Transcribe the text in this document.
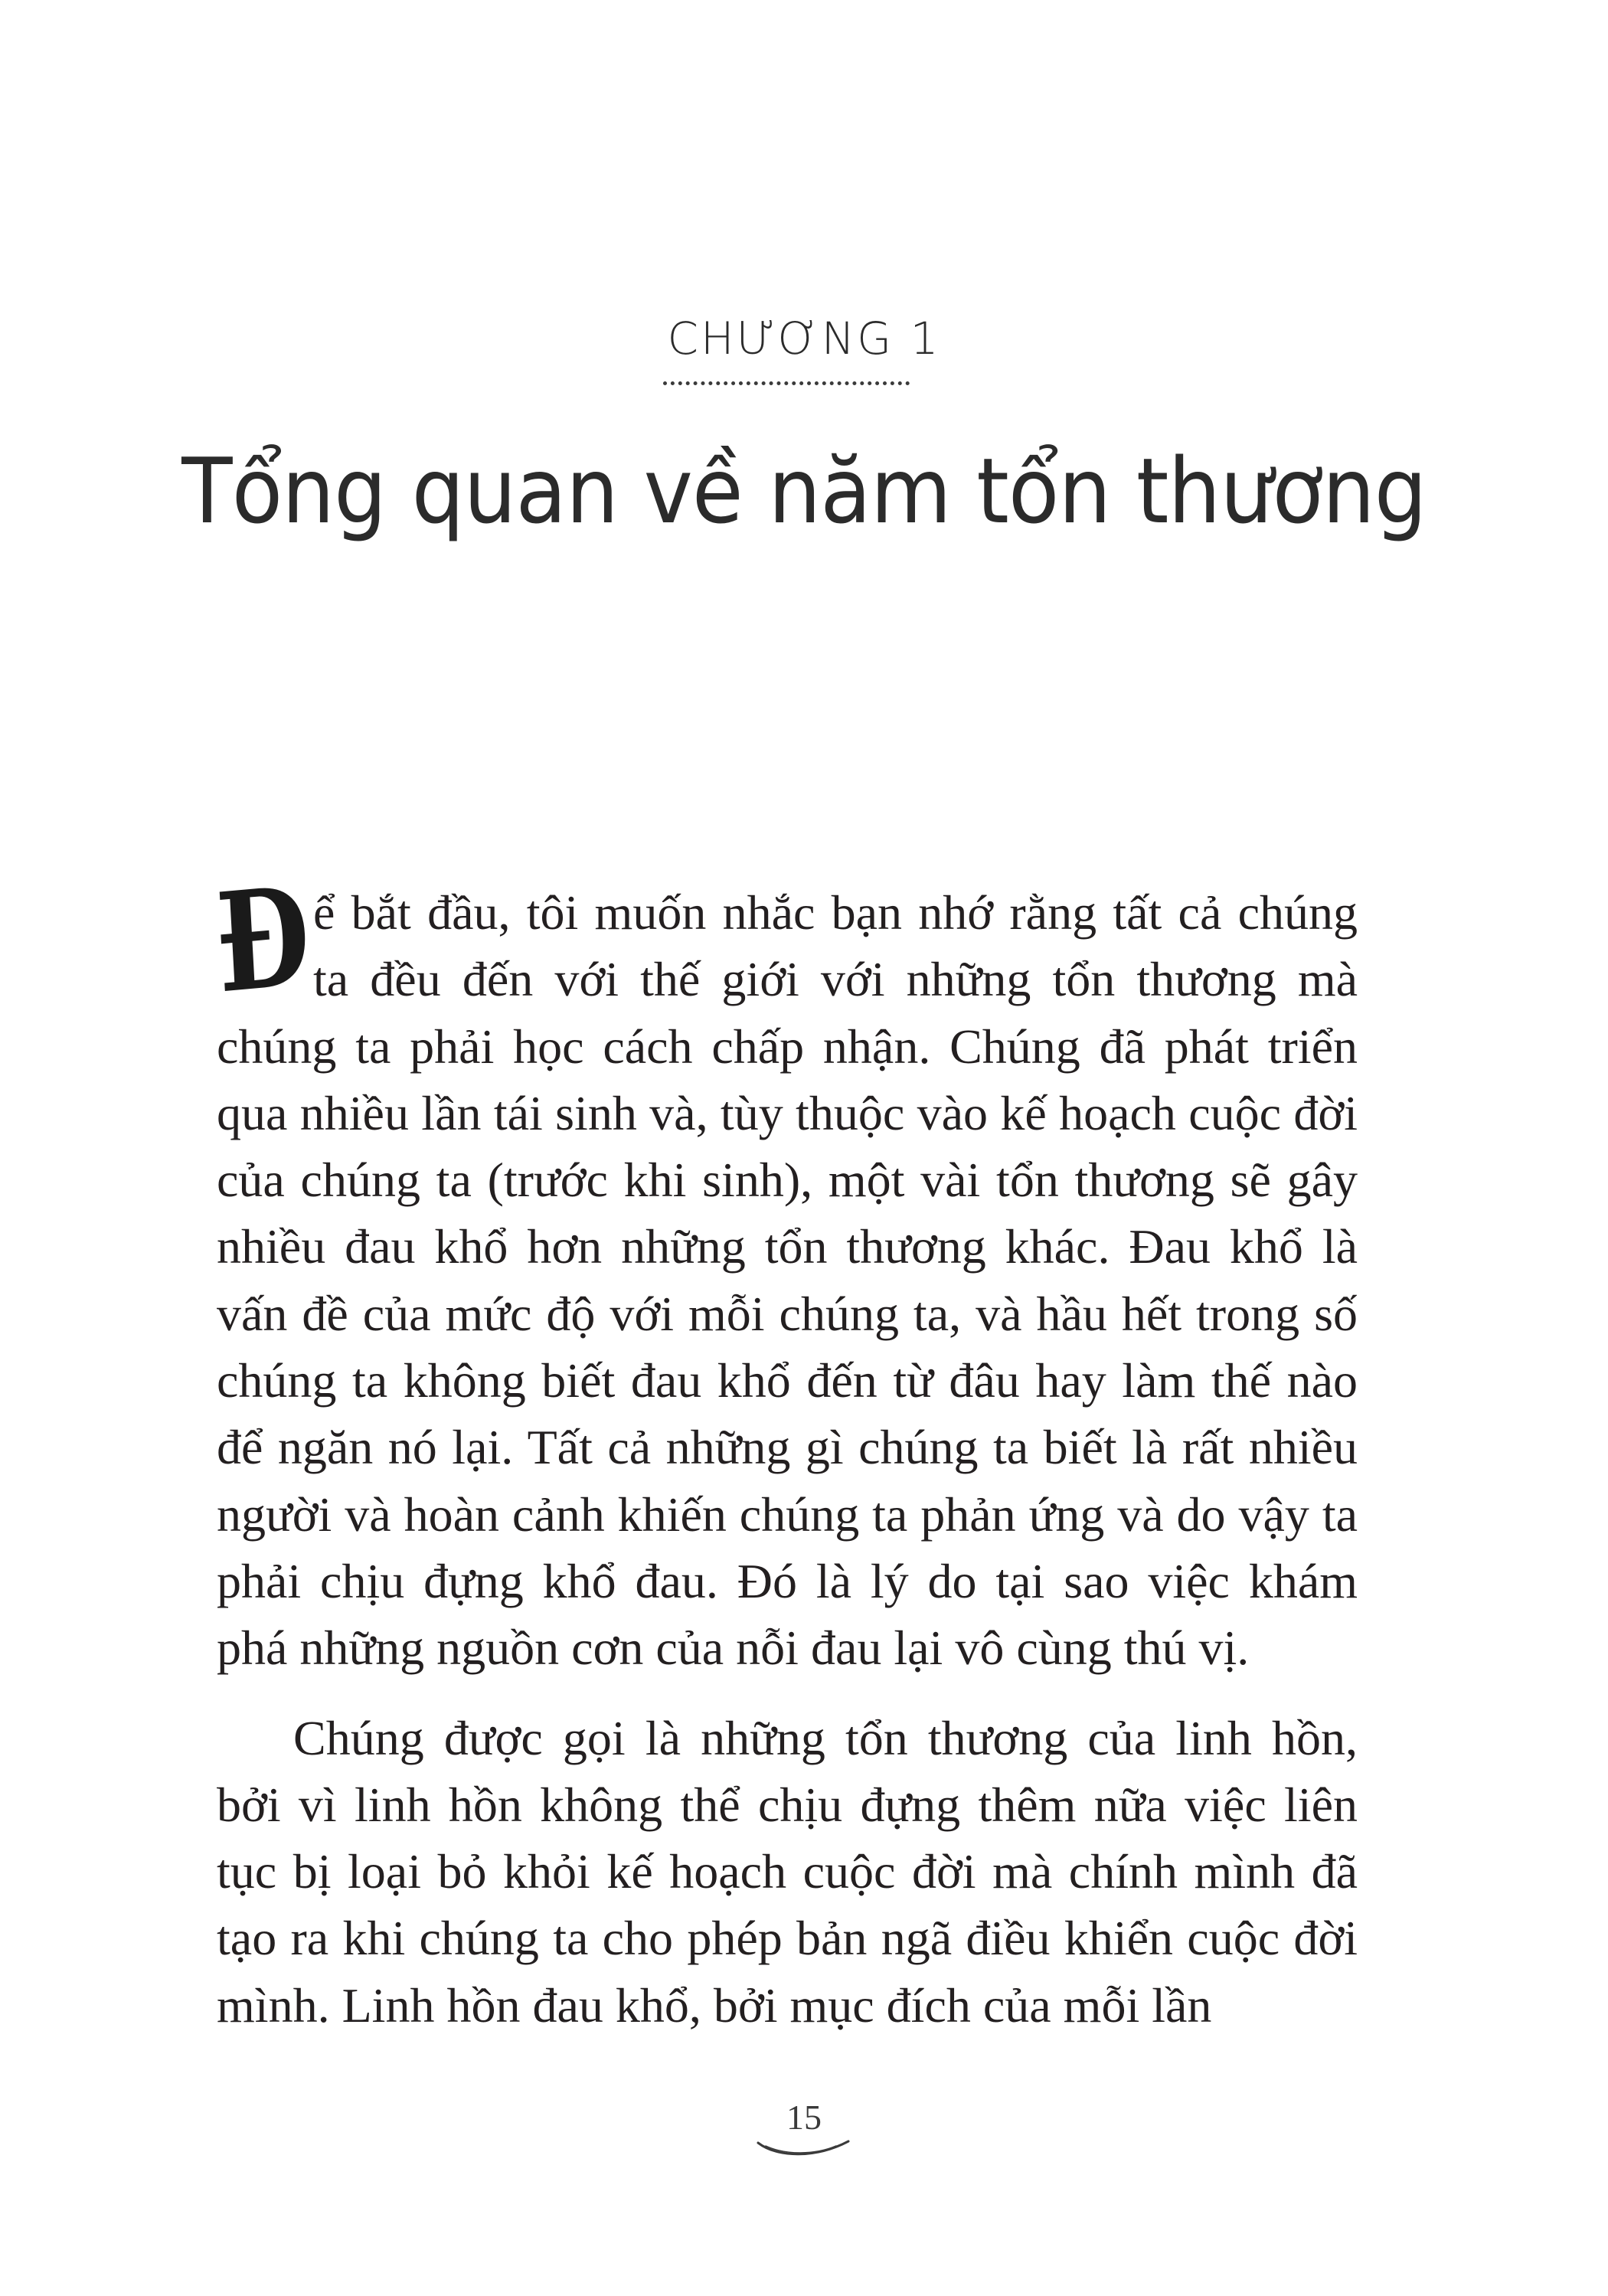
CHƯƠNG 1
Tổng quan về năm tổn thương

Để bắt đầu, tôi muốn nhắc bạn nhớ rằng tất cả chúng ta đều đến với thế giới với những tổn thương mà chúng ta phải học cách chấp nhận. Chúng đã phát triển qua nhiều lần tái sinh và, tùy thuộc vào kế hoạch cuộc đời của chúng ta (trước khi sinh), một vài tổn thương sẽ gây nhiều đau khổ hơn những tổn thương khác. Đau khổ là vấn đề của mức độ với mỗi chúng ta, và hầu hết trong số chúng ta không biết đau khổ đến từ đâu hay làm thế nào để ngăn nó lại. Tất cả những gì chúng ta biết là rất nhiều người và hoàn cảnh khiến chúng ta phản ứng và do vậy ta phải chịu đựng khổ đau. Đó là lý do tại sao việc khám phá những nguồn cơn của nỗi đau lại vô cùng thú vị.

Chúng được gọi là những tổn thương của linh hồn, bởi vì linh hồn không thể chịu đựng thêm nữa việc liên tục bị loại bỏ khỏi kế hoạch cuộc đời mà chính mình đã tạo ra khi chúng ta cho phép bản ngã điều khiển cuộc đời mình. Linh hồn đau khổ, bởi mục đích của mỗi lần

15
